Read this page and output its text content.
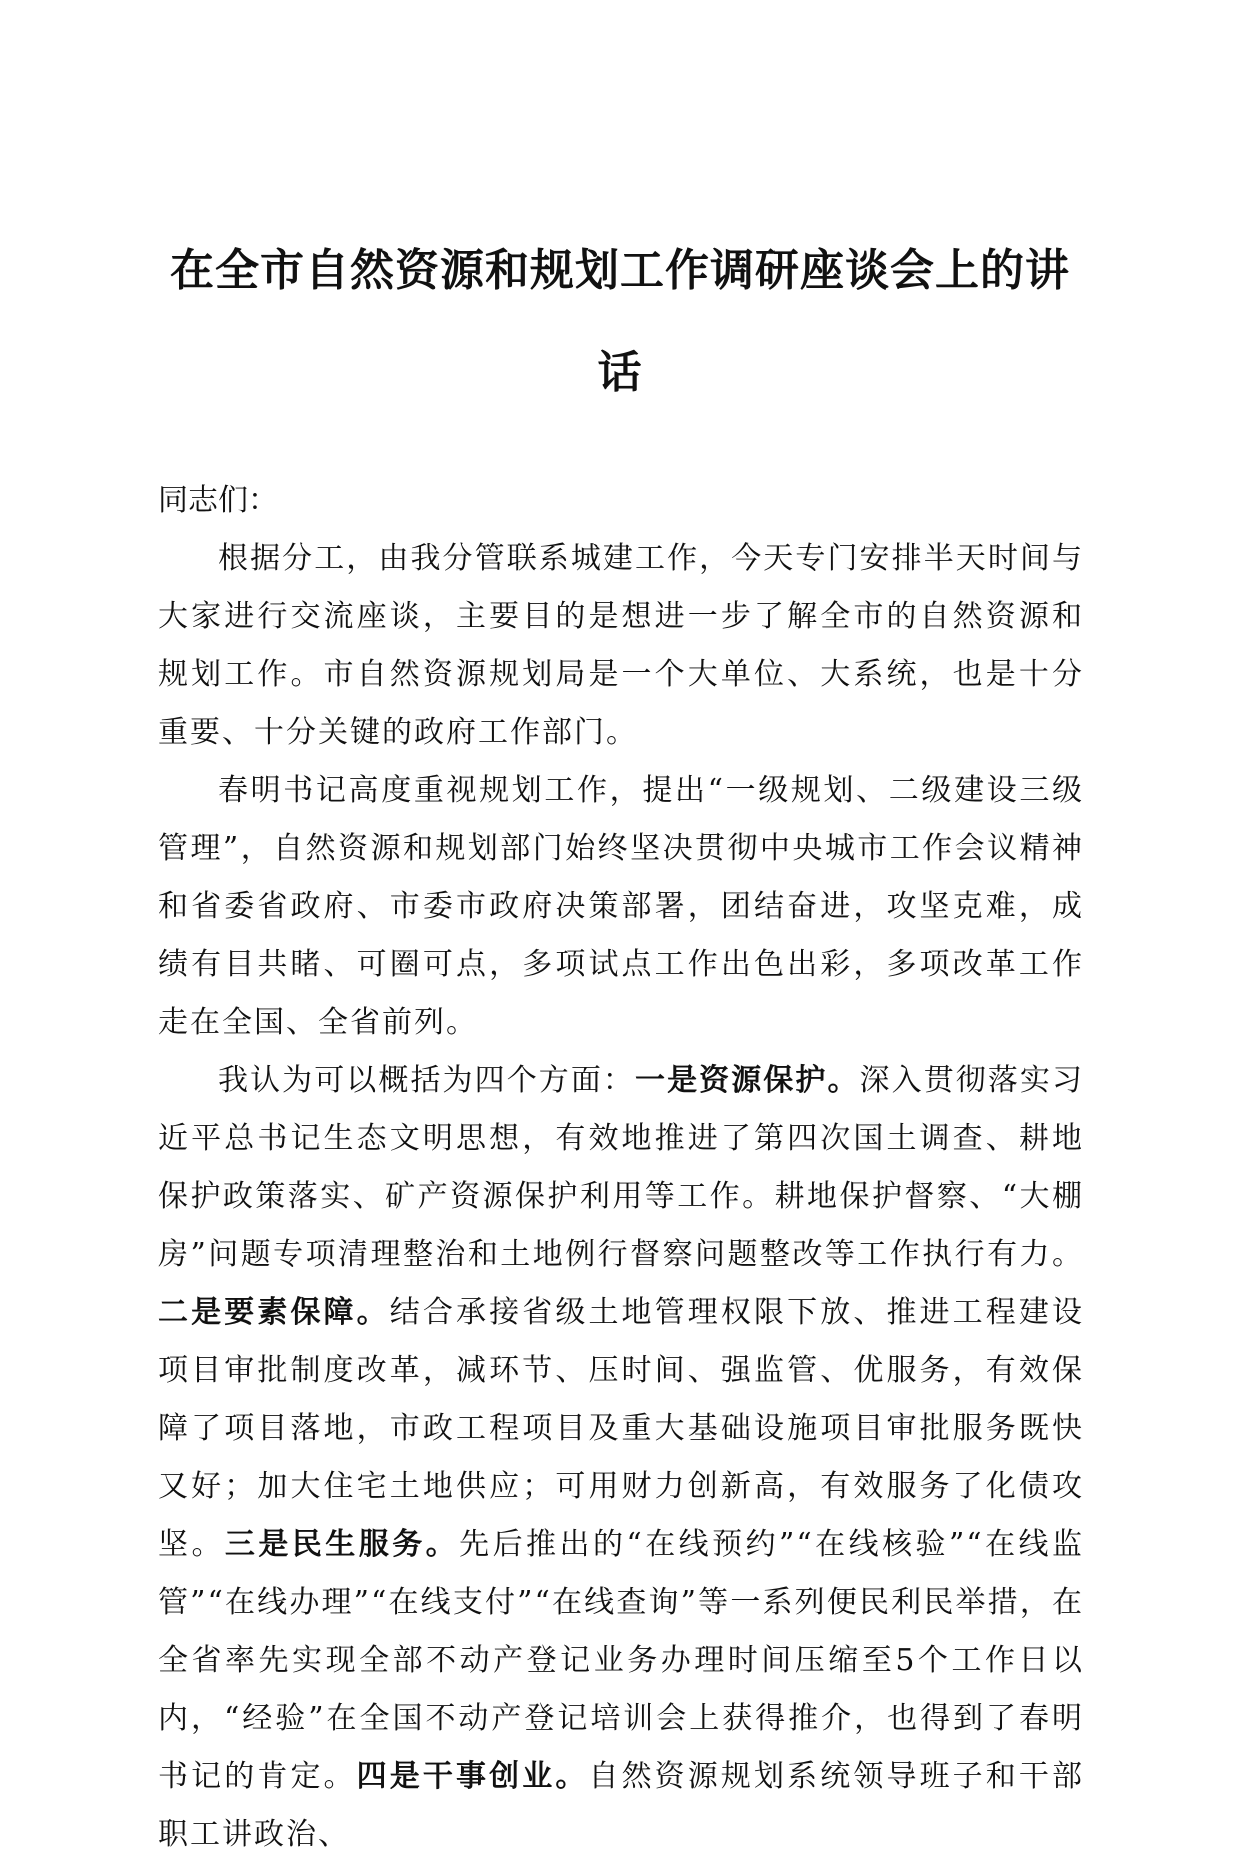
在全市自然资源和规划工作调研座谈会上的讲话

同志们：

根据分工，由我分管联系城建工作，今天专门安排半天时间与大家进行交流座谈，主要目的是想进一步了解全市的自然资源和规划工作。市自然资源规划局是一个大单位、大系统，也是十分重要、十分关键的政府工作部门。

春明书记高度重视规划工作，提出“一级规划、二级建设三级管理”，自然资源和规划部门始终坚决贯彻中央城市工作会议精神和省委省政府、市委市政府决策部署，团结奋进，攻坚克难，成绩有目共睹、可圈可点，多项试点工作出色出彩，多项改革工作走在全国、全省前列。

我认为可以概括为四个方面：一是资源保护。深入贯彻落实习近平总书记生态文明思想，有效地推进了第四次国土调查、耕地保护政策落实、矿产资源保护利用等工作。耕地保护督察、“大棚房”问题专项清理整治和土地例行督察问题整改等工作执行有力。二是要素保障。结合承接省级土地管理权限下放、推进工程建设项目审批制度改革，减环节、压时间、强监管、优服务，有效保障了项目落地，市政工程项目及重大基础设施项目审批服务既快又好；加大住宅土地供应；可用财力创新高，有效服务了化债攻坚。三是民生服务。先后推出的“在线预约”“在线核验”“在线监管”“在线办理”“在线支付”“在线查询”等一系列便民利民举措，在全省率先实现全部不动产登记业务办理时间压缩至5个工作日以内，“经验”在全国不动产登记培训会上获得推介，也得到了春明书记的肯定。四是干事创业。自然资源规划系统领导班子和干部职工讲政治、
